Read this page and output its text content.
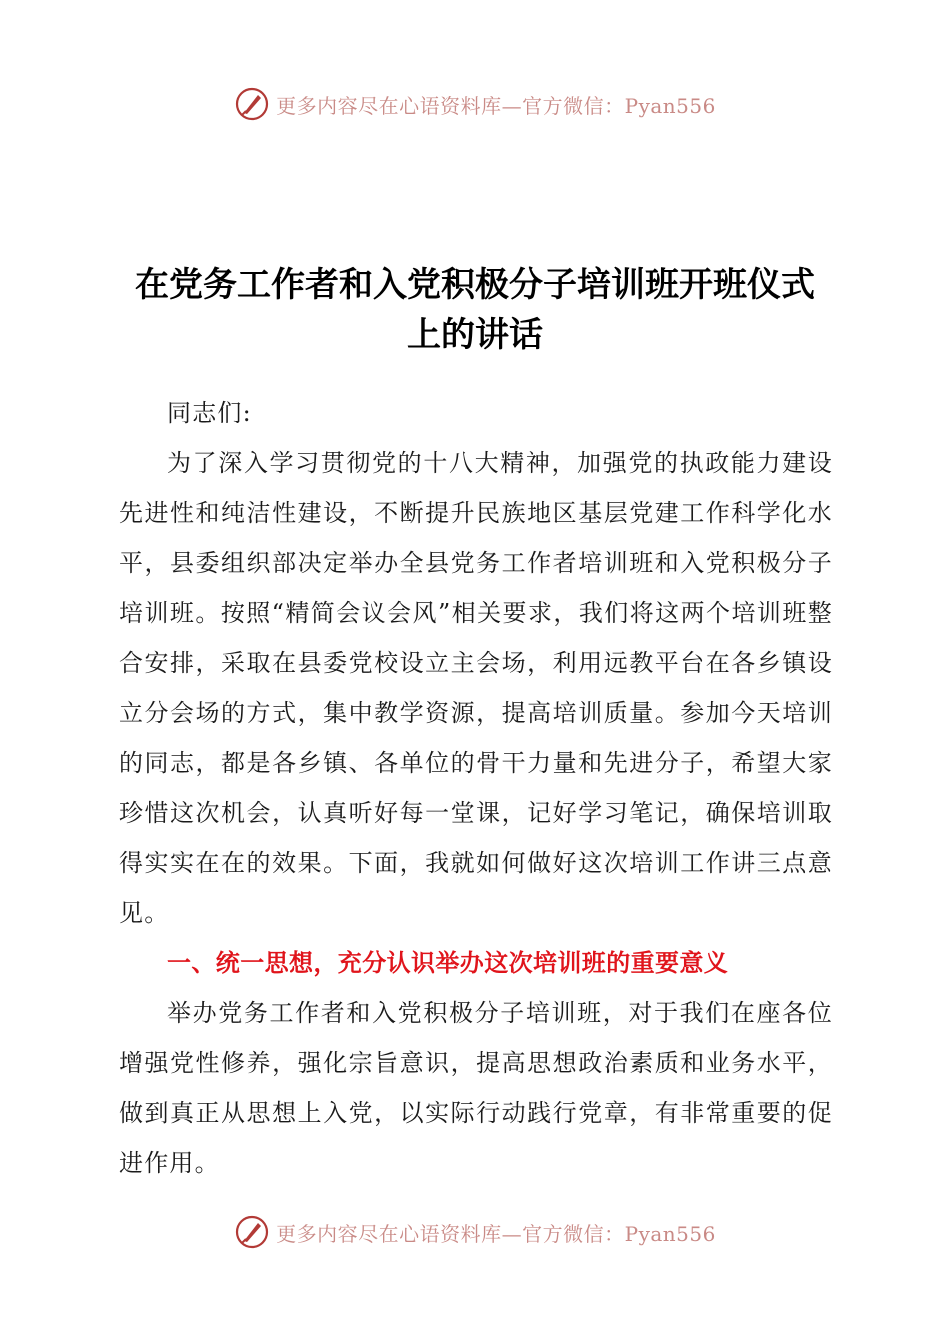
更多内容尽在心语资料库—官方微信：Pyan556
在党务工作者和入党积极分子培训班开班仪式
上的讲话

同志们:

为了深入学习贯彻党的十八大精神，加强党的执政能力建设先进性和纯洁性建设，不断提升民族地区基层党建工作科学化水平，县委组织部决定举办全县党务工作者培训班和入党积极分子培训班。按照“精简会议会风”相关要求，我们将这两个培训班整合安排，采取在县委党校设立主会场，利用远教平台在各乡镇设立分会场的方式，集中教学资源，提高培训质量。参加今天培训的同志，都是各乡镇、各单位的骨干力量和先进分子，希望大家珍惜这次机会，认真听好每一堂课，记好学习笔记，确保培训取得实实在在的效果。下面，我就如何做好这次培训工作讲三点意见。

一、统一思想，充分认识举办这次培训班的重要意义

举办党务工作者和入党积极分子培训班，对于我们在座各位增强党性修养，强化宗旨意识，提高思想政治素质和业务水平，做到真正从思想上入党，以实际行动践行党章，有非常重要的促进作用。

更多内容尽在心语资料库—官方微信：Pyan556
